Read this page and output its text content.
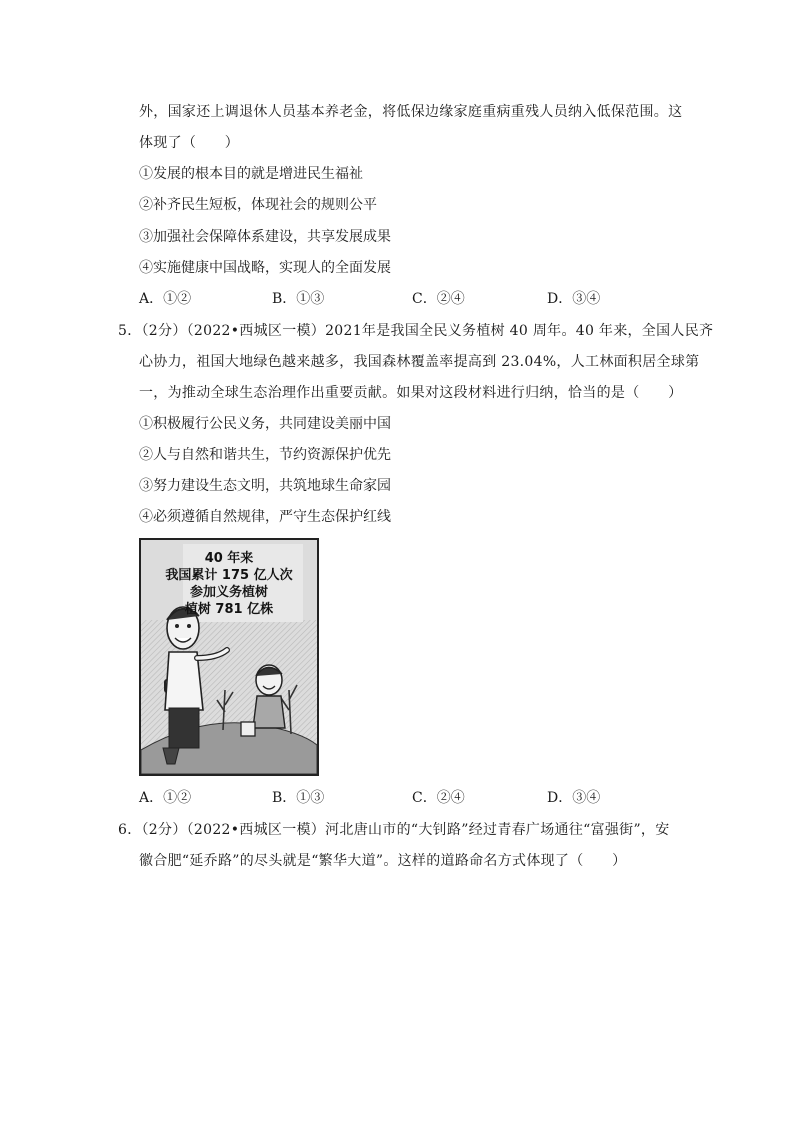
外，国家还上调退休人员基本养老金，将低保边缘家庭重病重残人员纳入低保范围。这
体现了（　　）
①发展的根本目的就是增进民生福祉
②补齐民生短板，体现社会的规则公平
③加强社会保障体系建设，共享发展成果
④实施健康中国战略，实现人的全面发展
A．①②	B．①③	C．②④	D．③④
5．（2分）（2022•西城区一模）2021年是我国全民义务植树 40 周年。40 年来，全国人民齐
心协力，祖国大地绿色越来越多，我国森林覆盖率提高到 23.04%，人工林面积居全球第
一，为推动全球生态治理作出重要贡献。如果对这段材料进行归纳，恰当的是（　　）
①积极履行公民义务，共同建设美丽中国
②人与自然和谐共生，节约资源保护优先
③努力建设生态文明，共筑地球生命家园
④必须遵循自然规律，严守生态保护红线
40 年来
我国累计 175 亿人次
参加义务植树
植树 781 亿株
A．①②	B．①③	C．②④	D．③④
6．（2分）（2022•西城区一模）河北唐山市的“大钊路”经过青春广场通往“富强街”，安
徽合肥“延乔路”的尽头就是“繁华大道”。这样的道路命名方式体现了（　　）
